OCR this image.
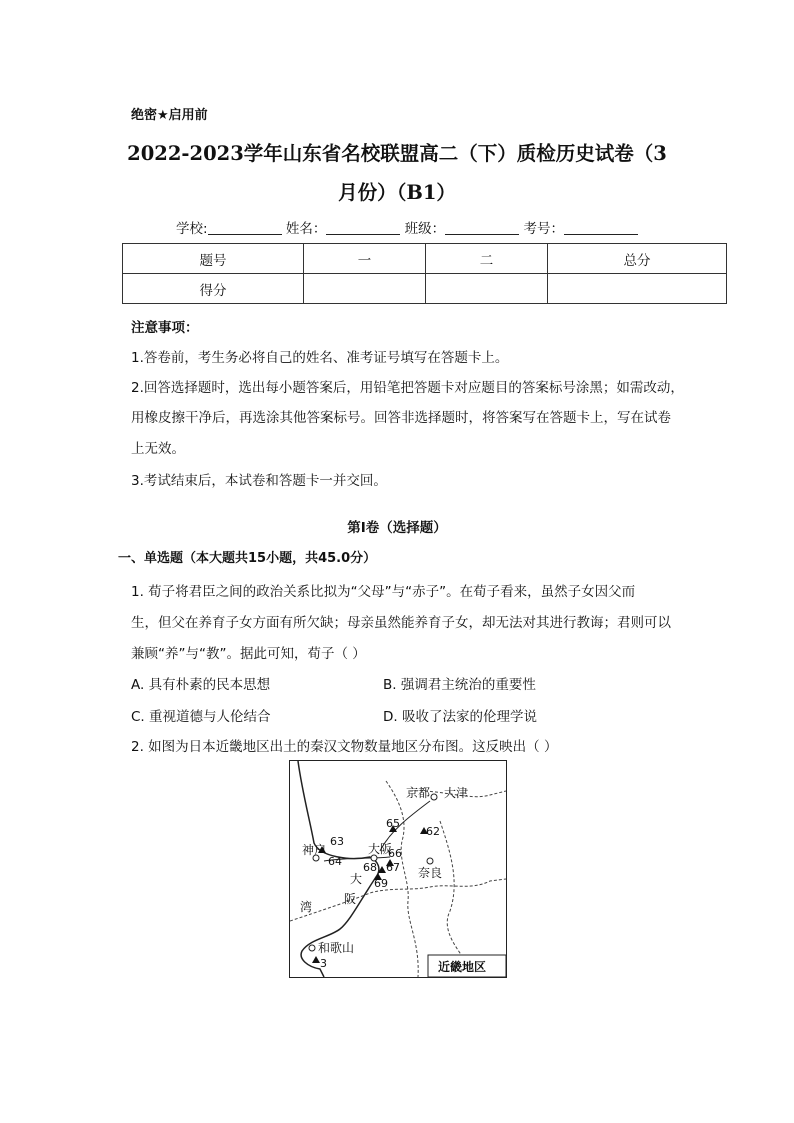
绝密★启用前
2022-2023学年山东省名校联盟高二（下）质检历史试卷（3
月份）（B1）
学校:	姓名：	班级：	考号：
题号	一	二	总分
得分			
注意事项：
1.答卷前，考生务必将自己的姓名、准考证号填写在答题卡上。
2.回答选择题时，选出每小题答案后，用铅笔把答题卡对应题目的答案标号涂黑；如需改动，
用橡皮擦干净后，再选涂其他答案标号。回答非选择题时，将答案写在答题卡上，写在试卷
上无效。
3.考试结束后，本试卷和答题卡一并交回。
第Ⅰ卷（选择题）
一、单选题（本大题共15小题，共45.0分）
1. 荀子将君臣之间的政治关系比拟为“父母”与“赤子”。在荀子看来，虽然子女因父而
生，但父在养育子女方面有所欠缺；母亲虽然能养育子女，却无法对其进行教诲；君则可以
兼顾“养”与“教”。据此可知，荀子（ ）
A. 具有朴素的民本思想	B. 强调君主统治的重要性
C. 重视道德与人伦结合	D. 吸收了法家的伦理学说
2. 如图为日本近畿地区出土的秦汉文物数量地区分布图。这反映出（ ）
京都 大津
神户	大阪
奈良
和歌山
大
阪
湾
65
62
63
64
66
67
68
69
3	近畿地区
